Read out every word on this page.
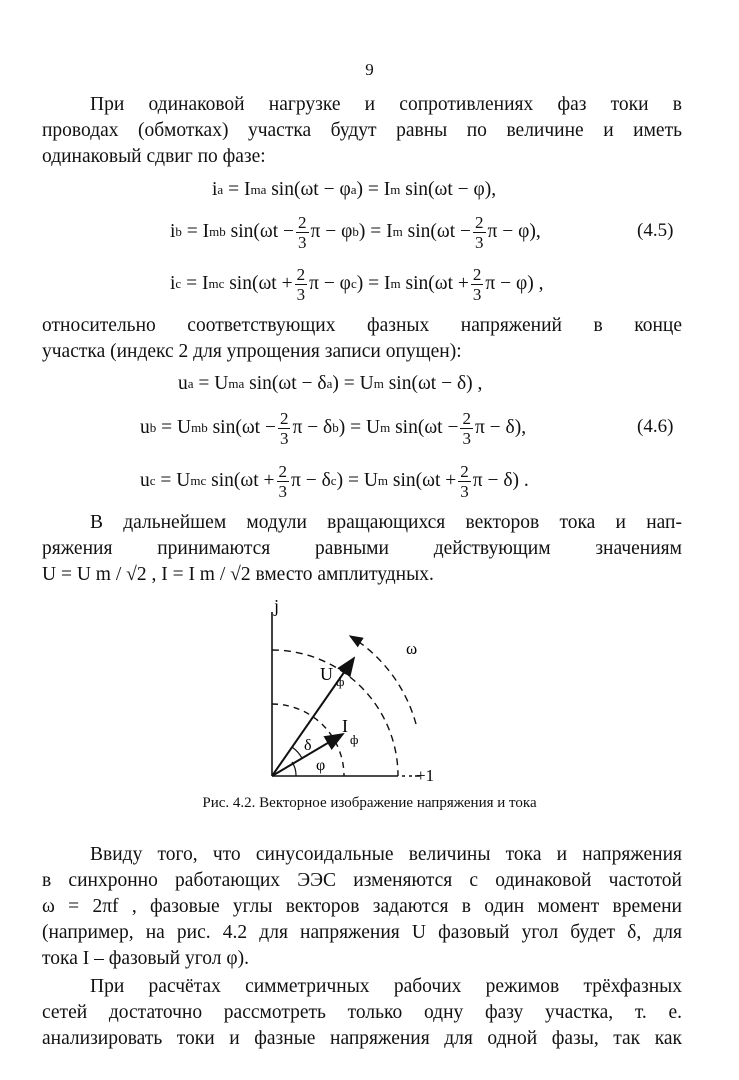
9
При одинаковой нагрузке и сопротивлениях фаз токи в
проводах (обмотках) участка будут равны по величине и иметь
одинаковый сдвиг по фазе:
i a
= I ma
sin(ωt − φ a ) = I m
sin(ωt − φ),
i b
= I mb
$\sin(\omega t - \frac{2}{3}$ π − φ b ) = I m
$\sin(\omega t - \frac{2}{3}$ π − φ),	(4.5)
i c
= I mc
$\sin(\omega t + \frac{2}{3}$ π − φ c ) = I m
$\sin(\omega t + \frac{2}{3}$ π − φ) ,
относительно соответствующих фазных напряжений в конце
участка (индекс 2 для упрощения записи опущен):
u a
= U ma
sin(ωt − δ a ) = U m
sin(ωt − δ) ,
u b
= U mb
$\sin(\omega t - \frac{2}{3}$ π − δ b ) = U m
$\sin(\omega t - \frac{2}{3}$ π − δ),	(4.6)
u c
= U mc
$\sin(\omega t + \frac{2}{3}$ π − δ c ) = U m
$\sin(\omega t + \frac{2}{3}$ π − δ) .
В дальнейшем модули вращающихся векторов тока и нап-
ряжения принимаются равными действующим значениям
U = U m / √2 , I = I m / √2 вместо амплитудных.
j
+1
ω
U ф
I
ф
δ
φ
Рис. 4.2. Векторное изображение напряжения и тока
Ввиду того, что синусоидальные величины тока и напряжения
в синхронно работающих ЭЭС изменяются с одинаковой частотой
ω = 2πf , фазовые углы векторов задаются в один момент времени
(например, на рис. 4.2 для напряжения U фазовый угол будет δ, для
тока I – фазовый угол φ).
При расчётах симметричных рабочих режимов трёхфазных
сетей достаточно рассмотреть только одну фазу участка, т. е.
анализировать токи и фазные напряжения для одной фазы, так как
